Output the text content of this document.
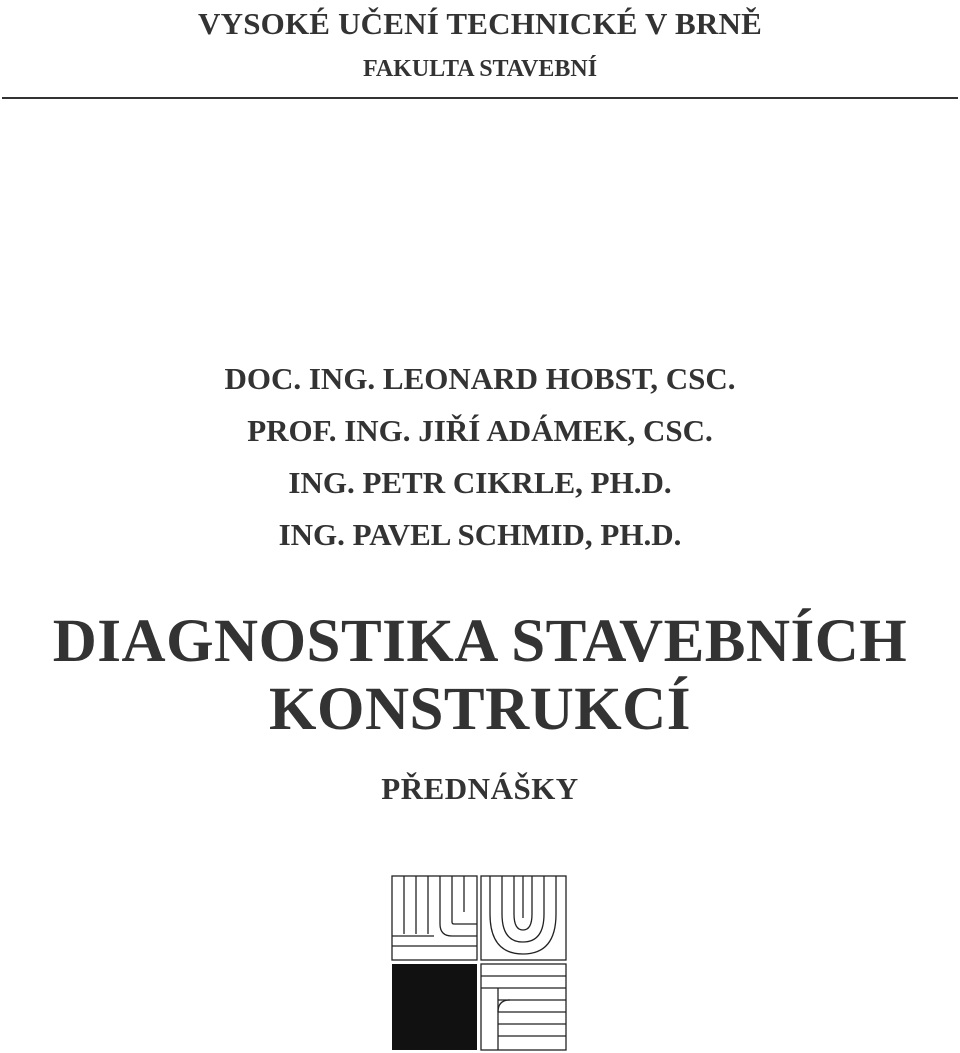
VYSOKÉ UČENÍ TECHNICKÉ V BRNĚ
FAKULTA STAVEBNÍ
DOC. ING. LEONARD HOBST, CSC.
PROF. ING. JIŘÍ ADÁMEK, CSC.
ING. PETR CIKRLE, PH.D.
ING. PAVEL SCHMID, PH.D.
DIAGNOSTIKA STAVEBNÍCH
KONSTRUKCÍ
PŘEDNÁŠKY
